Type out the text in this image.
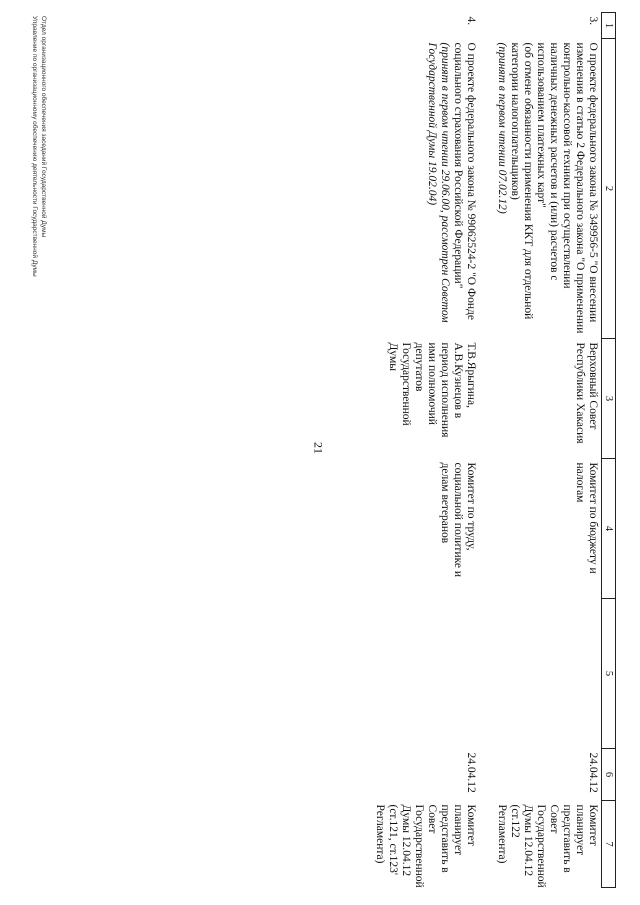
21
1	2	3	4	5	6	7
3.	О проекте федерального закона № 349956-5 "О внесении изменения в статью 2 Федерального закона "О применении контрольно-кассовой техники при осуществлении наличных денежных расчетов и (или) расчетов с использованием платежных карт"
(об отмене обязанности применения ККТ для отдельной категории налогоплательщиков)
(принят в первом чтении 07.02.12)	Верховный Совет Республики Хакасия	Комитет по бюджету и налогам		24.04.12	Комитет планирует представить в Совет Государственной Думы 12.04.12 (ст.122 Регламента)

4.	О проекте федерального закона № 99062524-2 "О Фонде социального страхования Российской Федерации"
(принят в первом чтении 29.06.00, рассмотрен Советом Государственной Думы 19.02.04)	Т.В.Ярыгина, А.В.Кузнецов в период исполнения ими полномочий депутатов Государственной Думы	Комитет по труду, социальной политике и делам ветеранов		24.04.12	Комитет планирует представить в Совет Государственной Думы 12.04.12 (ст.121, ст.123' Регламента)
Отдел организационного обеспечения заседаний Государственной Думы
Управление по организационному обеспечению деятельности Государственной Думы
